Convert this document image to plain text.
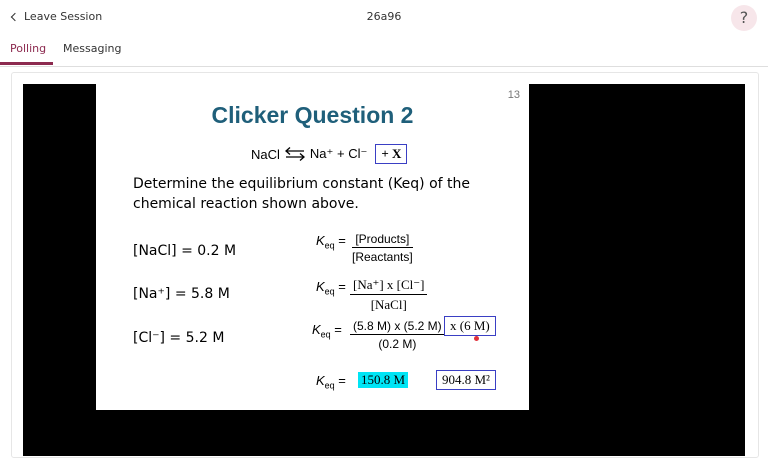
Leave Session	26a96	?
Polling Messaging
13
Clicker Question 2
NaCl ⇌ Na⁺ + Cl⁻	+ X
Determine the equilibrium constant (Keq) of the chemical reaction shown above.
[NaCl] = 0.2 M
[Na⁺] = 5.8 M
[Cl⁻] = 5.2 M
$K_{eq}$ = [Products]
[Reactants]
$K_{eq} = [Na^+]$ x [Cl⁻]
[NaCl]
$K_{eq} = \frac{(5.8 M) x (5.2 M)}{(0.2 M)}$ x (6 M)
$K_{eq} = 150.8$ M	904.8 M²
